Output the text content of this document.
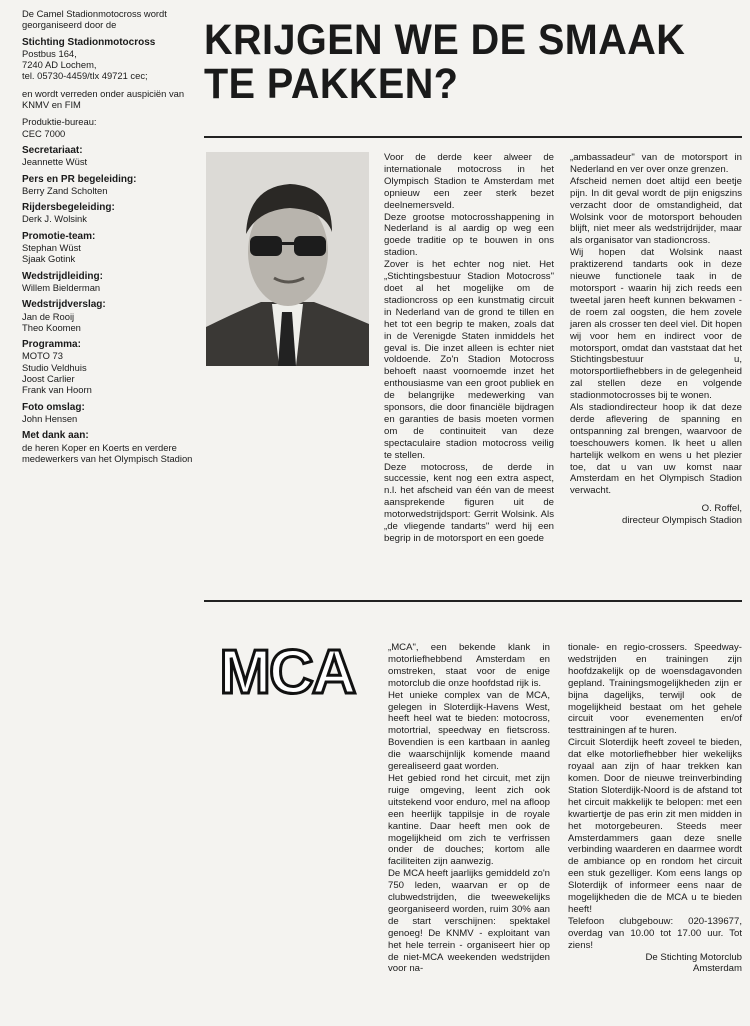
De Camel Stadionmotocross wordt georganiseerd door de

Stichting Stadionmotocross
Postbus 164,
7240 AD Lochem,
tel. 05730-4459/tlx 49721 cec;

en wordt verreden onder auspiciën van KNMV en FIM

Produktie-bureau:
CEC 7000

Secretariaat:
Jeannette Wüst

Pers en PR begeleiding:
Berry Zand Scholten

Rijdersbegeleiding:
Derk J. Wolsink

Promotie-team:
Stephan Wüst
Sjaak Gotink

Wedstrijdleiding:
Willem Bielderman

Wedstrijdverslag:
Jan de Rooij
Theo Koomen

Programma:
MOTO 73
Studio Veldhuis
Joost Carlier
Frank van Hoorn

Foto omslag:
John Hensen

Met dank aan:
de heren Koper en Koerts en verdere medewerkers van het Olympisch Stadion

KRIJGEN WE DE SMAAK TE PAKKEN?

Voor de derde keer alweer de internationale motocross in het Olympisch Stadion te Amsterdam met opnieuw een zeer sterk bezet deelnemersveld.

Deze grootse motocrosshappening in Nederland is al aardig op weg een goede traditie op te bouwen in ons stadion.

Zover is het echter nog niet. Het „Stichtingsbestuur Stadion Motocross" doet al het mogelijke om de stadioncross op een kunstmatig circuit in Nederland van de grond te tillen en het tot een begrip te maken, zoals dat in de Verenigde Staten inmiddels het geval is. Die inzet alleen is echter niet voldoende. Zo'n Stadion Motocross behoeft naast voornoemde inzet het enthousiasme van een groot publiek en de belangrijke medewerking van sponsors, die door financiële bijdragen en garanties de basis moeten vormen om de continuiteit van deze spectaculaire stadion motocross veilig te stellen.

Deze motocross, de derde in successie, kent nog een extra aspect, n.l. het afscheid van één van de meest aansprekende figuren uit de motorwedstrijdsport: Gerrit Wolsink. Als „de vliegende tandarts" werd hij een begrip in de motorsport en een goede

„ambassadeur" van de motorsport in Nederland en ver over onze grenzen.

Afscheid nemen doet altijd een beetje pijn. In dit geval wordt de pijn enigszins verzacht door de omstandigheid, dat Wolsink voor de motorsport behouden blijft, niet meer als wedstrijdrijder, maar als organisator van stadioncross.

Wij hopen dat Wolsink naast praktizerend tandarts ook in deze nieuwe functionele taak in de motorsport - waarin hij zich reeds een tweetal jaren heeft kunnen bekwamen - de roem zal oogsten, die hem zovele jaren als crosser ten deel viel. Dit hopen wij voor hem en indirect voor de motorsport, omdat dan vaststaat dat het Stichtingsbestuur u, motorsportliefhebbers in de gelegenheid zal stellen deze en volgende stadionmotocrosses bij te wonen.

Als stadiondirecteur hoop ik dat deze derde aflevering de spanning en ontspanning zal brengen, waarvoor de toeschouwers komen. Ik heet u allen hartelijk welkom en wens u het plezier toe, dat u van uw komst naar Amsterdam en het Olympisch Stadion verwacht.

O. Roffel,

directeur Olympisch Stadion

MCA	„MCA", een bekende klank in motorliefhebbend Amsterdam en omstreken, staat voor de enige motorclub die onze hoofdstad rijk is.

Het unieke complex van de MCA, gelegen in Sloterdijk-Havens West, heeft heel wat te bieden: motocross, motortrial, speedway en fietscross. Bovendien is een kartbaan in aanleg die waarschijnlijk komende maand gerealiseerd gaat worden.

Het gebied rond het circuit, met zijn ruige omgeving, leent zich ook uitstekend voor enduro, mel na afloop een heerlijk tappilsje in de royale kantine. Daar heeft men ook de mogelijkheid om zich te verfrissen onder de douches; kortom alle faciliteiten zijn aanwezig.

De MCA heeft jaarlijks gemiddeld zo'n 750 leden, waarvan er op de clubwedstrijden, die tweewekelijks georganiseerd worden, ruim 30% aan de start verschijnen: spektakel genoeg! De KNMV - exploitant van het hele terrein - organiseert hier op de niet-MCA weekenden wedstrijden voor na-

tionale- en regio-crossers. Speedway-wedstrijden en trainingen zijn hoofdzakelijk op de woensdagavonden gepland. Trainingsmogelijkheden zijn er bijna dagelijks, terwijl ook de mogelijkheid bestaat om het gehele circuit voor evenementen en/of testtrainingen af te huren.

Circuit Sloterdijk heeft zoveel te bieden, dat elke motorliefhebber hier wekelijks royaal aan zijn of haar trekken kan komen. Door de nieuwe treinverbinding Station Sloterdijk-Noord is de afstand tot het circuit makkelijk te belopen: met een kwartiertje de pas erin zit men midden in het motorgebeuren. Steeds meer Amsterdammers gaan deze snelle verbinding waarderen en daarmee wordt de ambiance op en rondom het circuit een stuk gezelliger. Kom eens langs op Sloterdijk of informeer eens naar de mogelijkheden die de MCA u te bieden heeft!

Telefoon clubgebouw: 020-139677, overdag van 10.00 tot 17.00 uur. Tot ziens!

De Stichting Motorclub

Amsterdam
